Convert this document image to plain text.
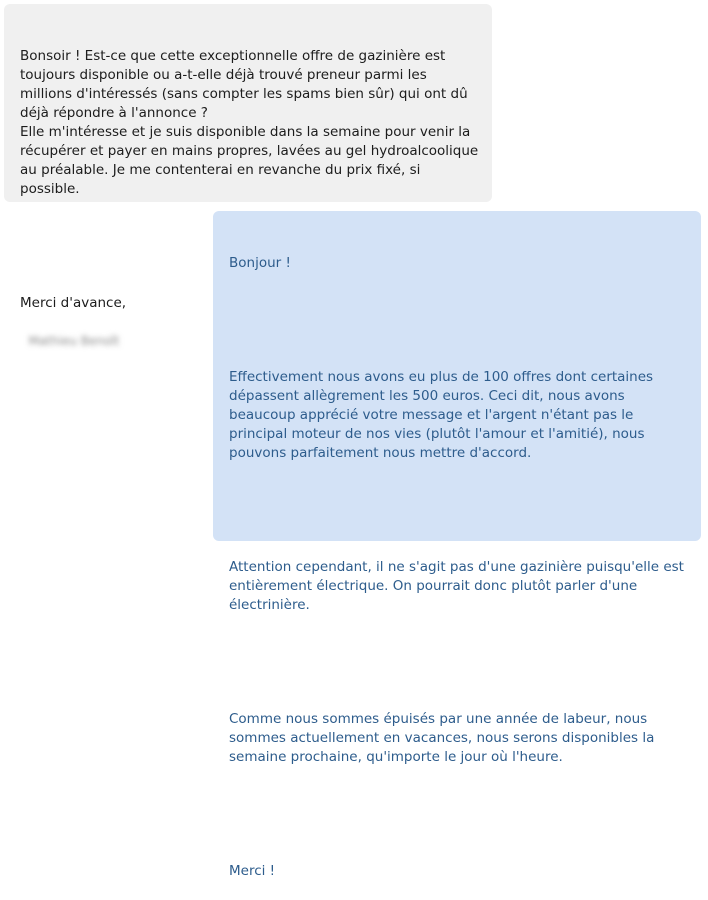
Bonsoir ! Est-ce que cette exceptionnelle offre de gazinière est toujours disponible ou a-t-elle déjà trouvé preneur parmi les millions d'intéressés (sans compter les spams bien sûr) qui ont dû déjà répondre à l'annonce ?
Elle m'intéresse et je suis disponible dans la semaine pour venir la récupérer et payer en mains propres, lavées au gel hydroalcoolique au préalable. Je me contenterai en revanche du prix fixé, si possible.

Merci d'avance,

Mathieu Benoît

Bonjour !

Effectivement nous avons eu plus de 100 offres dont certaines dépassent allègrement les 500 euros. Ceci dit, nous avons beaucoup apprécié votre message et l'argent n'étant pas le principal moteur de nos vies (plutôt l'amour et l'amitié), nous pouvons parfaitement nous mettre d'accord.

Attention cependant, il ne s'agit pas d'une gazinière puisqu'elle est entièrement électrique. On pourrait donc plutôt parler d'une électrinière.

Comme nous sommes épuisés par une année de labeur, nous sommes actuellement en vacances, nous serons disponibles la semaine prochaine, qu'importe le jour où l'heure.

Merci !
